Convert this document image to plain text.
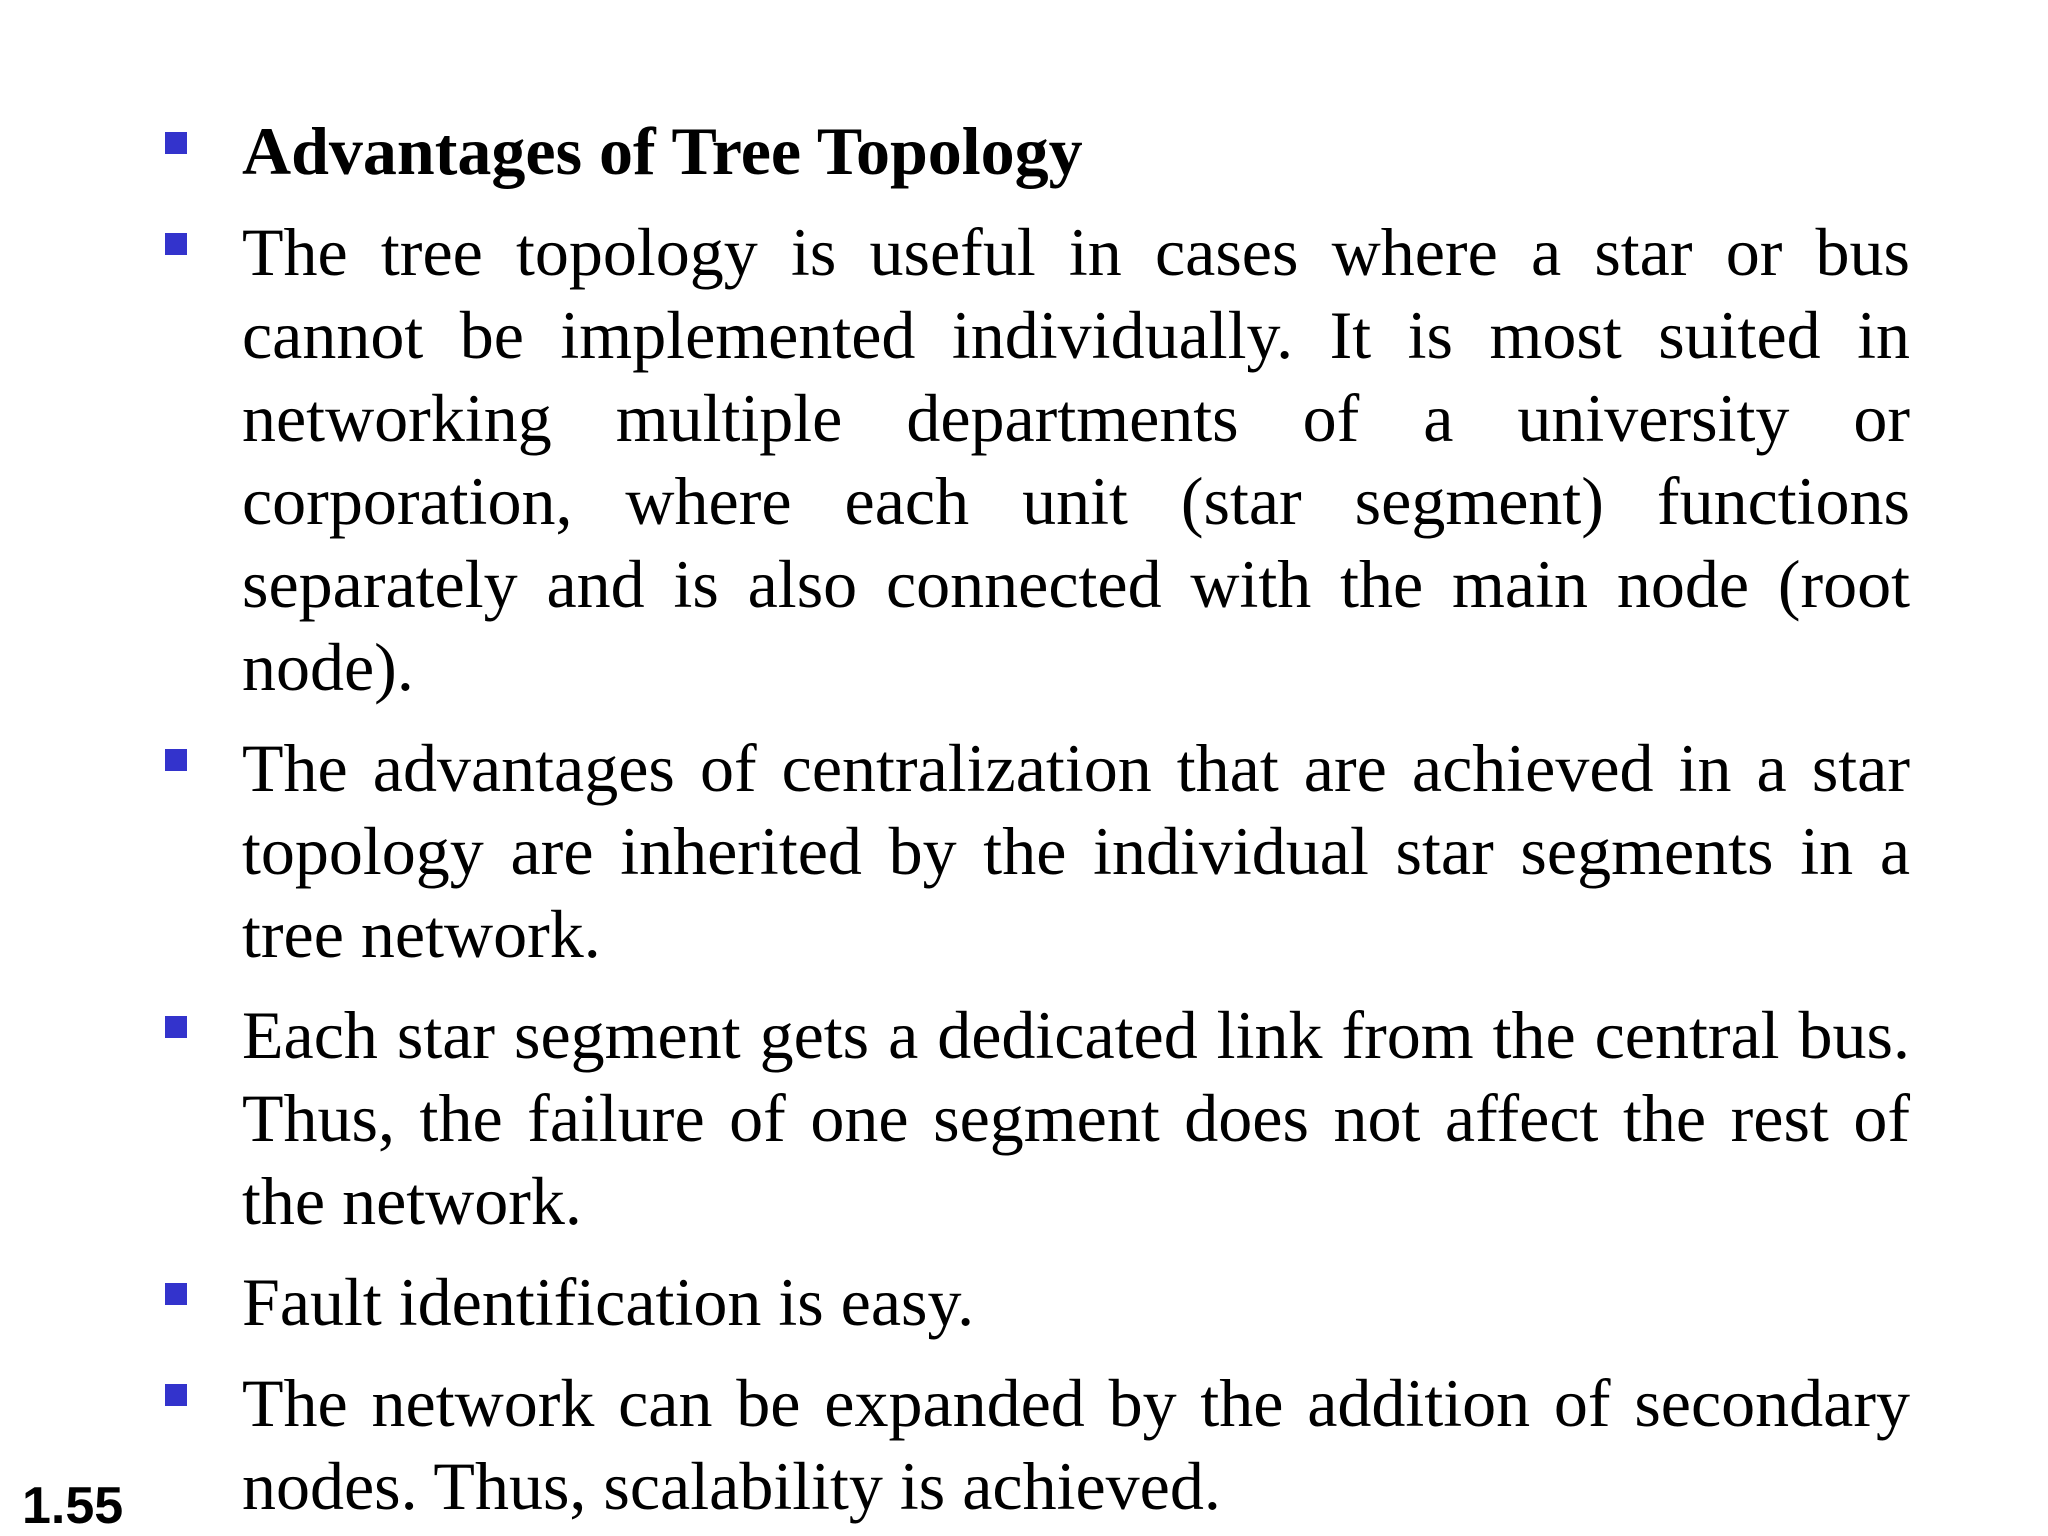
Advantages of Tree Topology
The tree topology is useful in cases where a star or bus cannot be implemented individually. It is most suited in networking multiple departments of a university or corporation, where each unit (star segment) functions separately and is also connected with the main node (root node).
The advantages of centralization that are achieved in a star topology are inherited by the individual star segments in a tree network.
Each star segment gets a dedicated link from the central bus. Thus, the failure of one segment does not affect the rest of the network.
Fault identification is easy.
The network can be expanded by the addition of secondary nodes. Thus, scalability is achieved.
1.55
